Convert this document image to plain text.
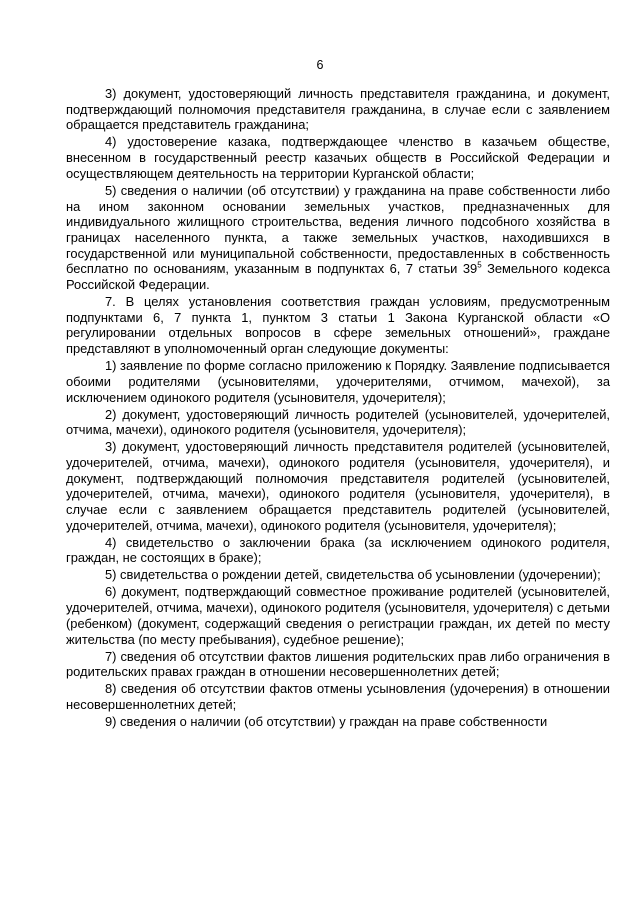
6

3) документ, удостоверяющий личность представителя гражданина, и документ, подтверждающий полномочия представителя гражданина, в случае если с заявлением обращается представитель гражданина;

4) удостоверение казака, подтверждающее членство в казачьем обществе, внесенном в государственный реестр казачьих обществ в Российской Федерации и осуществляющем деятельность на территории Курганской области;

5) сведения о наличии (об отсутствии) у гражданина на праве собственности либо на ином законном основании земельных участков, предназначенных для индивидуального жилищного строительства, ведения личного подсобного хозяйства в границах населенного пункта, а также земельных участков, находившихся в государственной или муниципальной собственности, предоставленных в собственность бесплатно по основаниям, указанным в подпунктах 6, 7 статьи $39^5$ Земельного кодекса Российской Федерации.

7. В целях установления соответствия граждан условиям, предусмотренным подпунктами 6, 7 пункта 1, пунктом 3 статьи 1 Закона Курганской области «О регулировании отдельных вопросов в сфере земельных отношений», граждане представляют в уполномоченный орган следующие документы:

1) заявление по форме согласно приложению к Порядку. Заявление подписывается обоими родителями (усыновителями, удочерителями, отчимом, мачехой), за исключением одинокого родителя (усыновителя, удочерителя);

2) документ, удостоверяющий личность родителей (усыновителей, удочерителей, отчима, мачехи), одинокого родителя (усыновителя, удочерителя);

3) документ, удостоверяющий личность представителя родителей (усыновителей, удочерителей, отчима, мачехи), одинокого родителя (усыновителя, удочерителя), и документ, подтверждающий полномочия представителя родителей (усыновителей, удочерителей, отчима, мачехи), одинокого родителя (усыновителя, удочерителя), в случае если с заявлением обращается представитель родителей (усыновителей, удочерителей, отчима, мачехи), одинокого родителя (усыновителя, удочерителя);

4) свидетельство о заключении брака (за исключением одинокого родителя, граждан, не состоящих в браке);

5) свидетельства о рождении детей, свидетельства об усыновлении (удочерении);

6) документ, подтверждающий совместное проживание родителей (усыновителей, удочерителей, отчима, мачехи), одинокого родителя (усыновителя, удочерителя) с детьми (ребенком) (документ, содержащий сведения о регистрации граждан, их детей по месту жительства (по месту пребывания), судебное решение);

7) сведения об отсутствии фактов лишения родительских прав либо ограничения в родительских правах граждан в отношении несовершеннолетних детей;

8) сведения об отсутствии фактов отмены усыновления (удочерения) в отношении несовершеннолетних детей;

9) сведения о наличии (об отсутствии) у граждан на праве собственности
